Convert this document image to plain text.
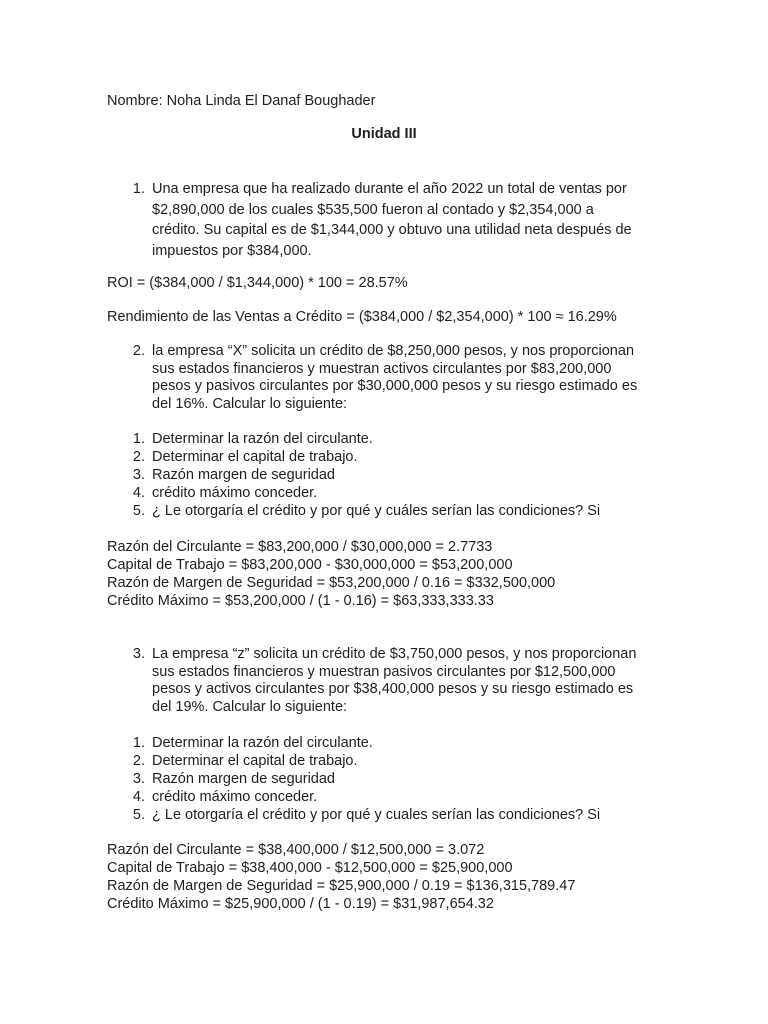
Nombre: Noha Linda El Danaf Boughader
Unidad III
1. Una empresa que ha realizado durante el año 2022 un total de ventas por
$2,890,000 de los cuales $535,500 fueron al contado y $2,354,000 a
crédito. Su capital es de $1,344,000 y obtuvo una utilidad neta después de
impuestos por $384,000.
ROI = ($384,000 / $1,344,000) * 100 = 28.57%
Rendimiento de las Ventas a Crédito = ($384,000 / $2,354,000) * 100 ≈ 16.29%
2. la empresa “X” solicita un crédito de $8,250,000 pesos, y nos proporcionan
sus estados financieros y muestran activos circulantes por $83,200,000
pesos y pasivos circulantes por $30,000,000 pesos y su riesgo estimado es
del 16%. Calcular lo siguiente:
1. Determinar la razón del circulante.
2. Determinar el capital de trabajo.
3. Razón margen de seguridad
4. crédito máximo conceder.
5. ¿ Le otorgaría el crédito y por qué y cuáles serían las condiciones? Si
Razón del Circulante = $83,200,000 / $30,000,000 = 2.7733
Capital de Trabajo = $83,200,000 - $30,000,000 = $53,200,000
Razón de Margen de Seguridad = $53,200,000 / 0.16 = $332,500,000
Crédito Máximo = $53,200,000 / (1 - 0.16) = $63,333,333.33
3. La empresa “z” solicita un crédito de $3,750,000 pesos, y nos proporcionan
sus estados financieros y muestran pasivos circulantes por $12,500,000
pesos y activos circulantes por $38,400,000 pesos y su riesgo estimado es
del 19%. Calcular lo siguiente:
1. Determinar la razón del circulante.
2. Determinar el capital de trabajo.
3. Razón margen de seguridad
4. crédito máximo conceder.
5. ¿ Le otorgaría el crédito y por qué y cuales serían las condiciones? Si
Razón del Circulante = $38,400,000 / $12,500,000 = 3.072
Capital de Trabajo = $38,400,000 - $12,500,000 = $25,900,000
Razón de Margen de Seguridad = $25,900,000 / 0.19 = $136,315,789.47
Crédito Máximo = $25,900,000 / (1 - 0.19) = $31,987,654.32
